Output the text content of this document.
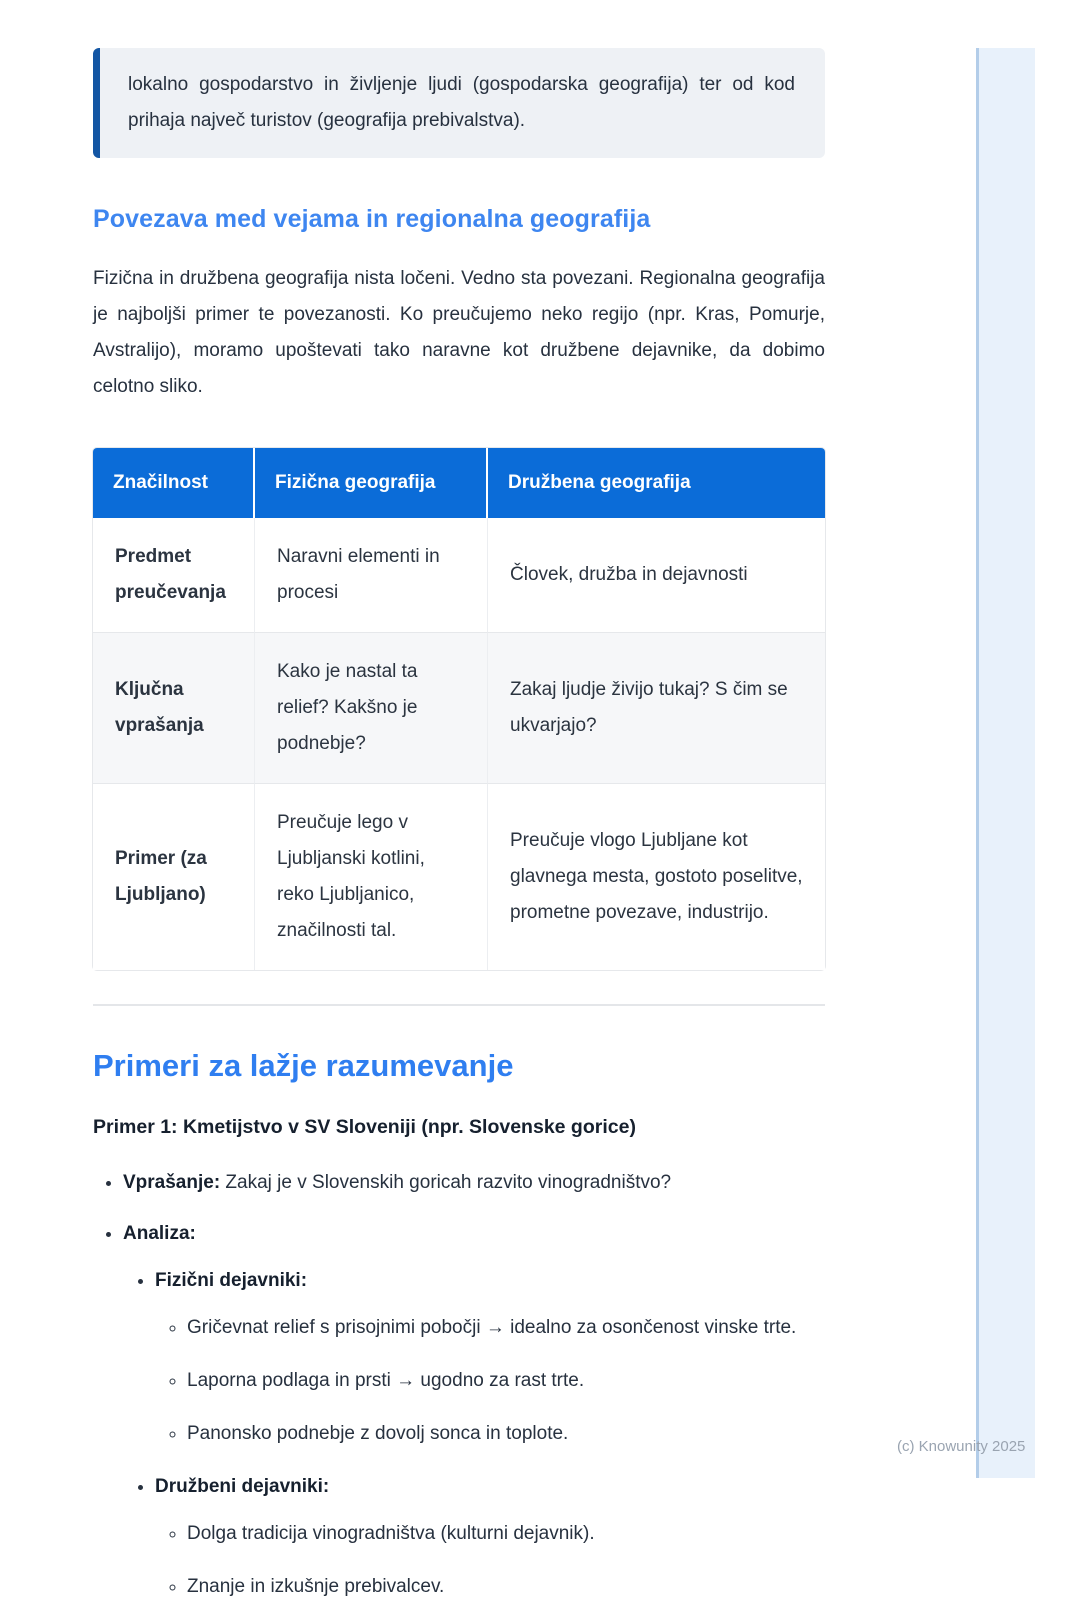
lokalno gospodarstvo in življenje ljudi (gospodarska geografija) ter od kod prihaja največ turistov (geografija prebivalstva).
Povezava med vejama in regionalna geografija

Fizična in družbena geografija nista ločeni. Vedno sta povezani. Regionalna geografija je najboljši primer te povezanosti. Ko preučujemo neko regijo (npr. Kras, Pomurje, Avstralijo), moramo upoštevati tako naravne kot družbene dejavnike, da dobimo celotno sliko.

Značilnost	Fizična geografija	Družbena geografija
Predmet preučevanja	Naravni elementi in procesi	Človek, družba in dejavnosti
Ključna vprašanja	Kako je nastal ta relief? Kakšno je podnebje?	Zakaj ljudje živijo tukaj? S čim se ukvarjajo?
Primer (za Ljubljano)	Preučuje lego v Ljubljanski kotlini, reko Ljubljanico, značilnosti tal.	Preučuje vlogo Ljubljane kot glavnega mesta, gostoto poselitve, prometne povezave, industrijo.
Primeri za lažje razumevanje

Primer 1: Kmetijstvo v SV Sloveniji (npr. Slovenske gorice)

• Vprašanje: Zakaj je v Slovenskih goricah razvito vinogradništvo?
• Analiza:
• Fizični dejavniki:
◦ Gričevnat relief s prisojnimi pobočji → idealno za osončenost vinske trte.
◦ Laporna podlaga in prsti → ugodno za rast trte.
◦ Panonsko podnebje z dovolj sonca in toplote.
• Družbeni dejavniki:
◦ Dolga tradicija vinogradništva (kulturni dejavnik).
◦ Znanje in izkušnje prebivalcev.
(c) Knowunity 2025
